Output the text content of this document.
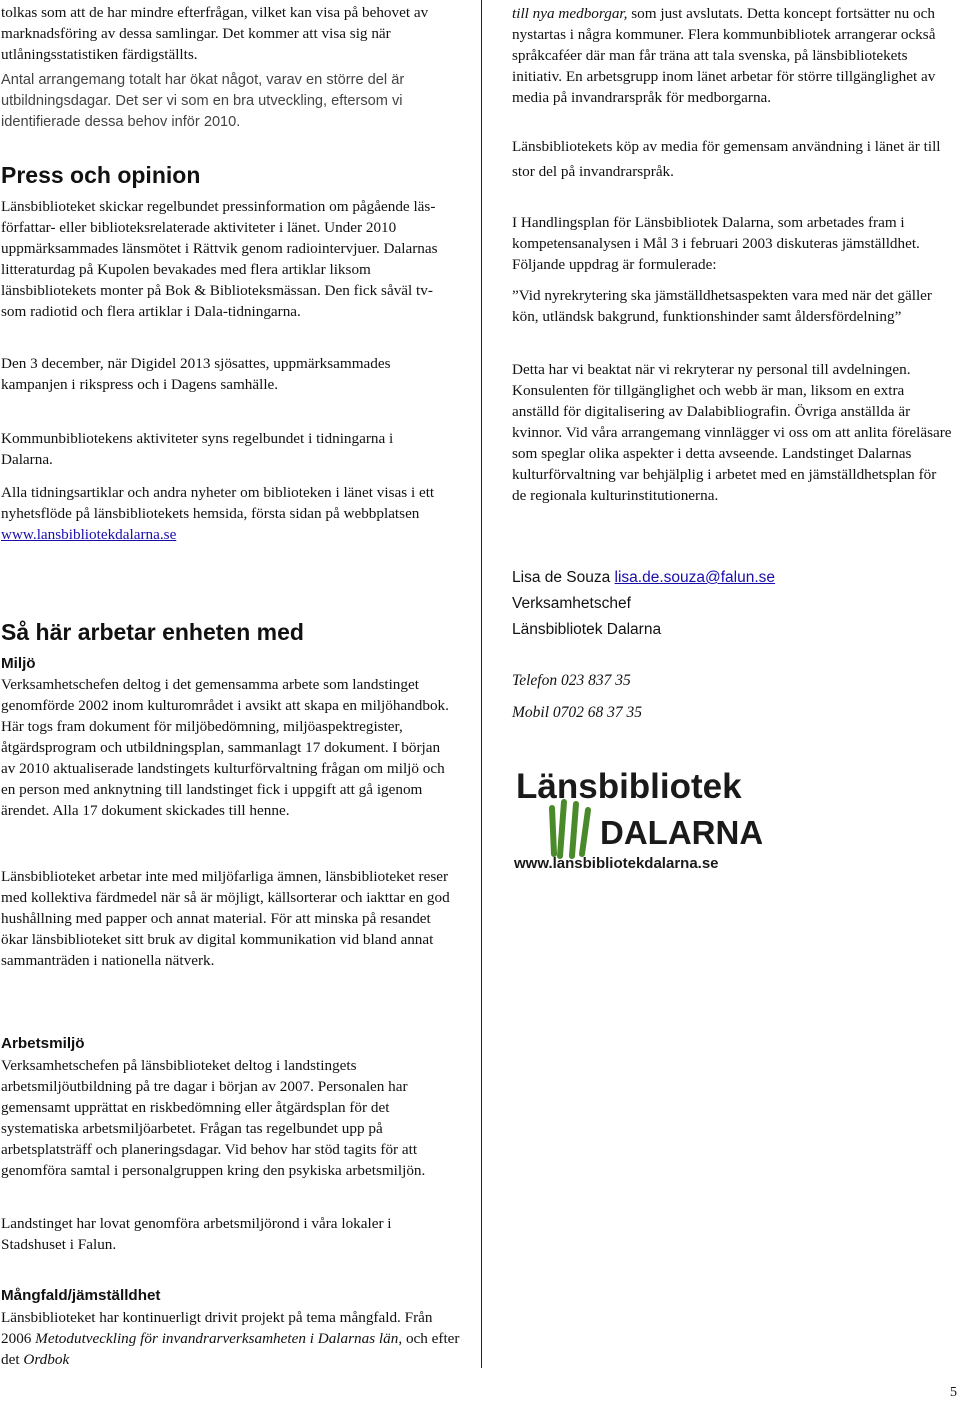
tolkas som att de har mindre efterfrågan, vilket kan visa på behovet av marknadsföring av dessa samlingar. Det kommer att visa sig när utlåningsstatistiken färdigställts.

Antal arrangemang totalt har ökat något, varav en större del är utbildningsdagar. Det ser vi som en bra utveckling, eftersom vi identifierade dessa behov inför 2010.

Press och opinion

Länsbiblioteket skickar regelbundet pressinformation om pågående läs- författar- eller biblioteksrelaterade aktiviteter i länet. Under 2010 uppmärksammades länsmötet i Rättvik genom radiointervjuer. Dalarnas litteraturdag på Kupolen bevakades med flera artiklar liksom länsbibliotekets monter på Bok & Biblioteksmässan. Den fick såväl tv- som radiotid och flera artiklar i Dala-tidningarna.

Den 3 december, när Digidel 2013 sjösattes, uppmärksammades kampanjen i rikspress och i Dagens samhälle.

Kommunbibliotekens aktiviteter syns regelbundet i tidningarna i Dalarna.

Alla tidningsartiklar och andra nyheter om biblioteken i länet visas i ett nyhetsflöde på länsbibliotekets hemsida, första sidan på webbplatsen www.lansbibliotekdalarna.se

Så här arbetar enheten med
Miljö

Verksamhetschefen deltog i det gemensamma arbete som landstinget genomförde 2002 inom kulturområdet i avsikt att skapa en miljöhandbok. Här togs fram dokument för miljöbedömning, miljöaspektregister, åtgärdsprogram och utbildningsplan, sammanlagt 17 dokument. I början av 2010 aktualiserade landstingets kulturförvaltning frågan om miljö och en person med anknytning till landstinget fick i uppgift att gå igenom ärendet. Alla 17 dokument skickades till henne.

Länsbiblioteket arbetar inte med miljöfarliga ämnen, länsbiblioteket reser med kollektiva färdmedel när så är möjligt, källsorterar och iakttar en god hushållning med papper och annat material. För att minska på resandet ökar länsbiblioteket sitt bruk av digital kommunikation vid bland annat sammanträden i nationella nätverk.

Arbetsmiljö

Verksamhetschefen på länsbiblioteket deltog i landstingets arbetsmiljöutbildning på tre dagar i början av 2007. Personalen har gemensamt upprättat en riskbedömning eller åtgärdsplan för det systematiska arbetsmiljöarbetet. Frågan tas regelbundet upp på arbetsplatsträff och planeringsdagar. Vid behov har stöd tagits för att genomföra samtal i personalgruppen kring den psykiska arbetsmiljön.

Landstinget har lovat genomföra arbetsmiljörond i våra lokaler i Stadshuset i Falun.

Mångfald/jämställdhet

Länsbiblioteket har kontinuerligt drivit projekt på tema mångfald. Från 2006 Metodutveckling för invandrarverksamheten i Dalarnas län, och efter det Ordbok

till nya medborgar, som just avslutats. Detta koncept fortsätter nu och nystartas i några kommuner. Flera kommunbibliotek arrangerar också språkcaféer där man får träna att tala svenska, på länsbibliotekets initiativ. En arbetsgrupp inom länet arbetar för större tillgänglighet av media på invandrarspråk för medborgarna.

Länsbibliotekets köp av media för gemensam användning i länet är till stor del på invandrarspråk.

I Handlingsplan för Länsbibliotek Dalarna, som arbetades fram i kompetensanalysen i Mål 3 i februari 2003 diskuteras jämställdhet. Följande uppdrag är formulerade:

”Vid nyrekrytering ska jämställdhetsaspekten vara med när det gäller kön, utländsk bakgrund, funktionshinder samt åldersfördelning”

Detta har vi beaktat när vi rekryterar ny personal till avdelningen. Konsulenten för tillgänglighet och webb är man, liksom en extra anställd för digitalisering av Dalabibliografin. Övriga anställda är kvinnor. Vid våra arrangemang vinnlägger vi oss om att anlita föreläsare som speglar olika aspekter i detta avseende. Landstinget Dalarnas kulturförvaltning var behjälplig i arbetet med en jämställdhetsplan för de regionala kulturinstitutionerna.

Lisa de Souza lisa.de.souza@falun.se
Verksamhetschef
Länsbibliotek Dalarna
Telefon 023 837 35
Mobil 0702 68 37 35
Länsbibliotek
DALARNA
www.lansbibliotekdalarna.se
5
